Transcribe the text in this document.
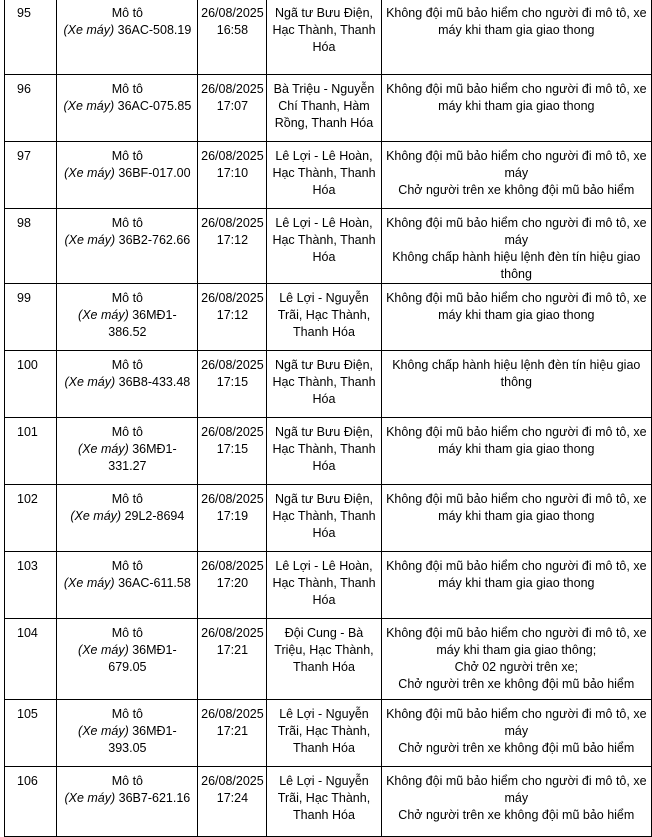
95	Mô tô
(Xe máy) 36AC-508.19	26/08/2025
16:58	Ngã tư Bưu Điện,
Hạc Thành, Thanh
Hóa	Không đội mũ bảo hiểm cho người đi mô tô, xe
máy khi tham gia giao thong

96	Mô tô
(Xe máy) 36AC-075.85	26/08/2025
17:07	Bà Triệu - Nguyễn
Chí Thanh, Hàm
Rồng, Thanh Hóa	Không đội mũ bảo hiểm cho người đi mô tô, xe
máy khi tham gia giao thong

97	Mô tô
(Xe máy) 36BF-017.00	26/08/2025
17:10	Lê Lợi - Lê Hoàn,
Hạc Thành, Thanh
Hóa	Không đội mũ bảo hiểm cho người đi mô tô, xe
máy
Chở người trên xe không đội mũ bảo hiểm

98	Mô tô
(Xe máy) 36B2-762.66	26/08/2025
17:12	Lê Lợi - Lê Hoàn,
Hạc Thành, Thanh
Hóa	Không đội mũ bảo hiểm cho người đi mô tô, xe
máy
Không chấp hành hiệu lệnh đèn tín hiệu giao thông

99	Mô tô
(Xe máy) 36MĐ1-386.52	26/08/2025
17:12	Lê Lợi - Nguyễn
Trãi, Hạc Thành,
Thanh Hóa	Không đội mũ bảo hiểm cho người đi mô tô, xe
máy khi tham gia giao thong

100	Mô tô
(Xe máy) 36B8-433.48	26/08/2025
17:15	Ngã tư Bưu Điện,
Hạc Thành, Thanh
Hóa	Không chấp hành hiệu lệnh đèn tín hiệu giao thông

101	Mô tô
(Xe máy) 36MĐ1-331.27	26/08/2025
17:15	Ngã tư Bưu Điện,
Hạc Thành, Thanh
Hóa	Không đội mũ bảo hiểm cho người đi mô tô, xe
máy khi tham gia giao thong

102	Mô tô
(Xe máy) 29L2-8694	26/08/2025
17:19	Ngã tư Bưu Điện,
Hạc Thành, Thanh
Hóa	Không đội mũ bảo hiểm cho người đi mô tô, xe
máy khi tham gia giao thong

103	Mô tô
(Xe máy) 36AC-611.58	26/08/2025
17:20	Lê Lợi - Lê Hoàn,
Hạc Thành, Thanh
Hóa	Không đội mũ bảo hiểm cho người đi mô tô, xe
máy khi tham gia giao thong

104	Mô tô
(Xe máy) 36MĐ1-679.05	26/08/2025
17:21	Đội Cung - Bà
Triệu, Hạc Thành,
Thanh Hóa	Không đội mũ bảo hiểm cho người đi mô tô, xe
máy khi tham gia giao thông;
Chở 02 người trên xe;
Chở người trên xe không đội mũ bảo hiểm

105	Mô tô
(Xe máy) 36MĐ1-393.05	26/08/2025
17:21	Lê Lợi - Nguyễn
Trãi, Hạc Thành,
Thanh Hóa	Không đội mũ bảo hiểm cho người đi mô tô, xe
máy
Chở người trên xe không đội mũ bảo hiểm

106	Mô tô
(Xe máy) 36B7-621.16	26/08/2025
17:24	Lê Lợi - Nguyễn
Trãi, Hạc Thành,
Thanh Hóa	Không đội mũ bảo hiểm cho người đi mô tô, xe
máy
Chở người trên xe không đội mũ bảo hiểm
